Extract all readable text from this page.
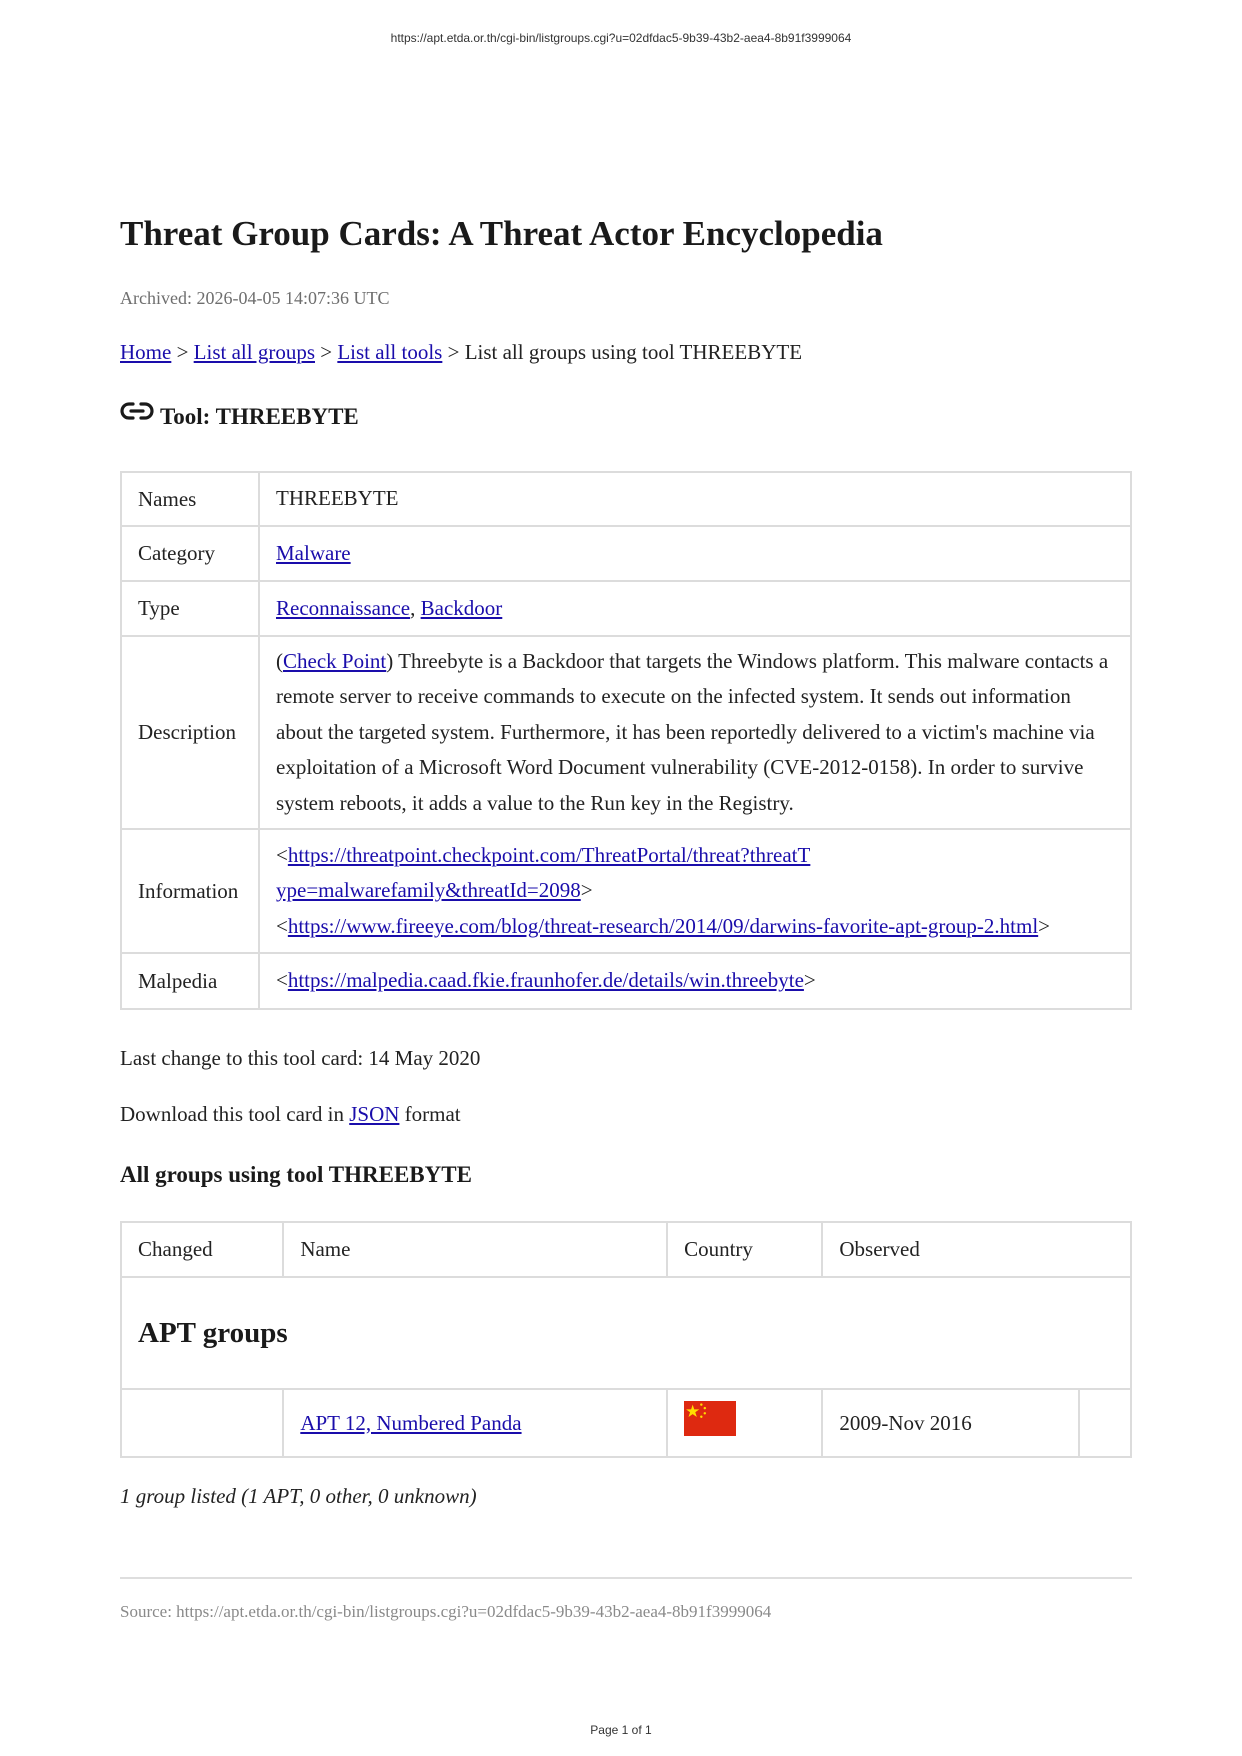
https://apt.etda.or.th/cgi-bin/listgroups.cgi?u=02dfdac5-9b39-43b2-aea4-8b91f3999064
Threat Group Cards: A Threat Actor Encyclopedia
Archived: 2026-04-05 14:07:36 UTC
Home > List all groups > List all tools > List all groups using tool THREEBYTE
Tool: THREEBYTE
Names	THREEBYTE
Category	Malware
Type	Reconnaissance, Backdoor
Description	(Check Point) Threebyte is a Backdoor that targets the Windows platform. This malware contacts a remote server to receive commands to execute on the infected system. It sends out information about the targeted system. Furthermore, it has been reportedly delivered to a victim's machine via exploitation of a Microsoft Word Document vulnerability (CVE-2012-0158). In order to survive system reboots, it adds a value to the Run key in the Registry.
Information	<https://threatpoint.checkpoint.com/ThreatPortal/threat?threatType=malwarefamily&threatId=2098>
<https://www.fireeye.com/blog/threat-research/2014/09/darwins-favorite-apt-group-2.html>

Malpedia	<https://malpedia.caad.fkie.fraunhofer.de/details/win.threebyte>
Last change to this tool card: 14 May 2020
Download this tool card in JSON format
All groups using tool THREEBYTE
Changed	Name	Country	Observed	
APT groups				
	APT 12, Numbered Panda		2009-Nov 2016	
1 group listed (1 APT, 0 other, 0 unknown)
Source: https://apt.etda.or.th/cgi-bin/listgroups.cgi?u=02dfdac5-9b39-43b2-aea4-8b91f3999064
Page 1 of 1
